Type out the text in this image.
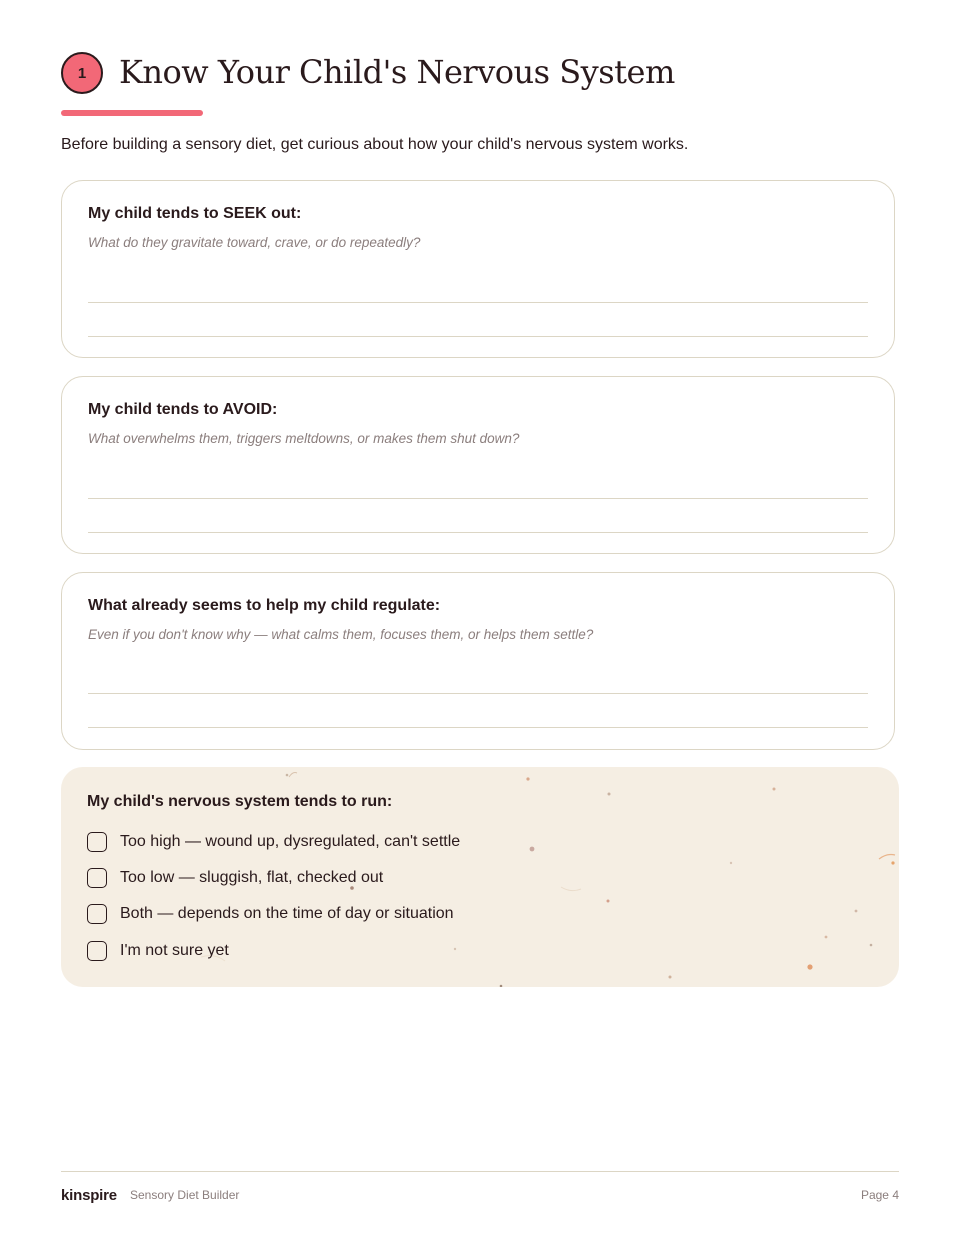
1	Know Your Child's Nervous System

Before building a sensory diet, get curious about how your child's nervous system works.

My child tends to SEEK out:

What do they gravitate toward, crave, or do repeatedly?

My child tends to AVOID:

What overwhelms them, triggers meltdowns, or makes them shut down?

What already seems to help my child regulate:

Even if you don't know why — what calms them, focuses them, or helps them settle?

My child's nervous system tends to run:

Too high — wound up, dysregulated, can't settle
Too low — sluggish, flat, checked out
Both — depends on the time of day or situation
I'm not sure yet
kinspire Sensory Diet Builder	Page 4
